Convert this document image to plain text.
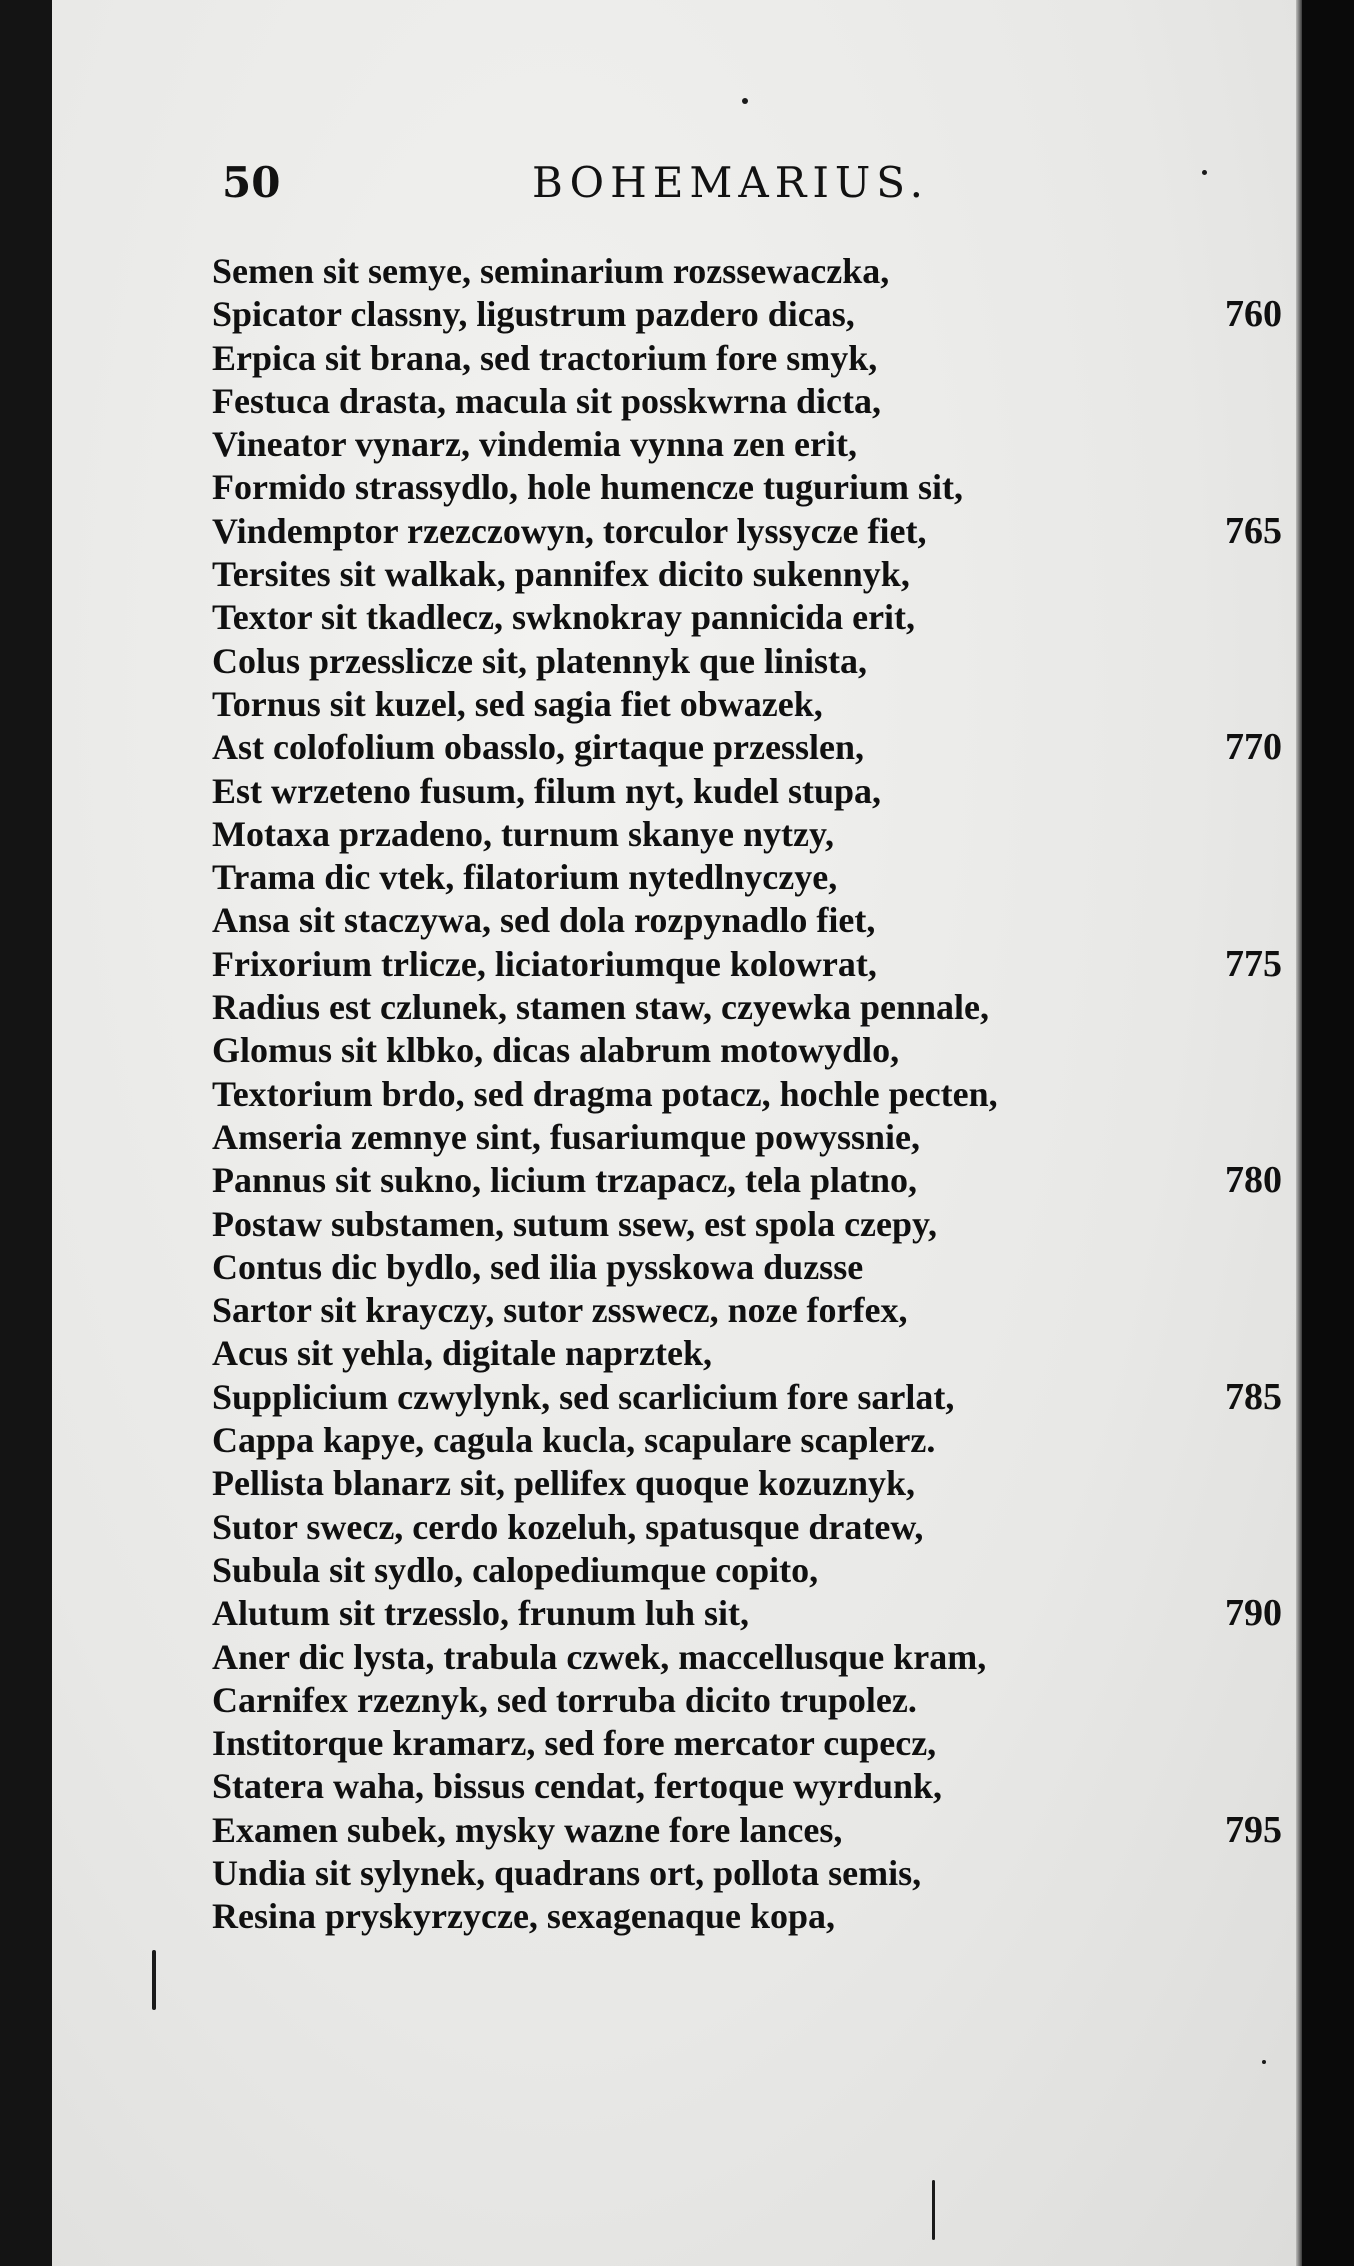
50	BOHEMARIUS.
Semen sit semye, seminarium rozssewaczka,
Spicator classny, ligustrum pazdero dicas,	760
Erpica sit brana, sed tractorium fore smyk,
Festuca drasta, macula sit posskwrna dicta,
Vineator vynarz, vindemia vynna zen erit,
Formido strassydlo, hole humencze tugurium sit,
Vindemptor rzezczowyn, torculor lyssycze fiet,	765
Tersites sit walkak, pannifex dicito sukennyk,
Textor sit tkadlecz, swknokray pannicida erit,
Colus przesslicze sit, platennyk que linista,
Tornus sit kuzel, sed sagia fiet obwazek,
Ast colofolium obasslo, girtaque przesslen,	770
Est wrzeteno fusum, filum nyt, kudel stupa,
Motaxa przadeno, turnum skanye nytzy,
Trama dic vtek, filatorium nytedlnyczye,
Ansa sit staczywa, sed dola rozpynadlo fiet,
Frixorium trlicze, liciatoriumque kolowrat,	775
Radius est czlunek, stamen staw, czyewka pennale,
Glomus sit klbko, dicas alabrum motowydlo,
Textorium brdo, sed dragma potacz, hochle pecten,
Amseria zemnye sint, fusariumque powyssnie,
Pannus sit sukno, licium trzapacz, tela platno,	780
Postaw substamen, sutum ssew, est spola czepy,
Contus dic bydlo, sed ilia pysskowa duzsse
Sartor sit krayczy, sutor zsswecz, noze forfex,
Acus sit yehla, digitale naprztek,
Supplicium czwylynk, sed scarlicium fore sarlat,	785
Cappa kapye, cagula kucla, scapulare scaplerz.
Pellista blanarz sit, pellifex quoque kozuznyk,
Sutor swecz, cerdo kozeluh, spatusque dratew,
Subula sit sydlo, calopediumque copito,
Alutum sit trzesslo, frunum luh sit,	790
Aner dic lysta, trabula czwek, maccellusque kram,
Carnifex rzeznyk, sed torruba dicito trupolez.
Institorque kramarz, sed fore mercator cupecz,
Statera waha, bissus cendat, fertoque wyrdunk,
Examen subek, mysky wazne fore lances,	795
Undia sit sylynek, quadrans ort, pollota semis,
Resina pryskyrzycze, sexagenaque kopa,
